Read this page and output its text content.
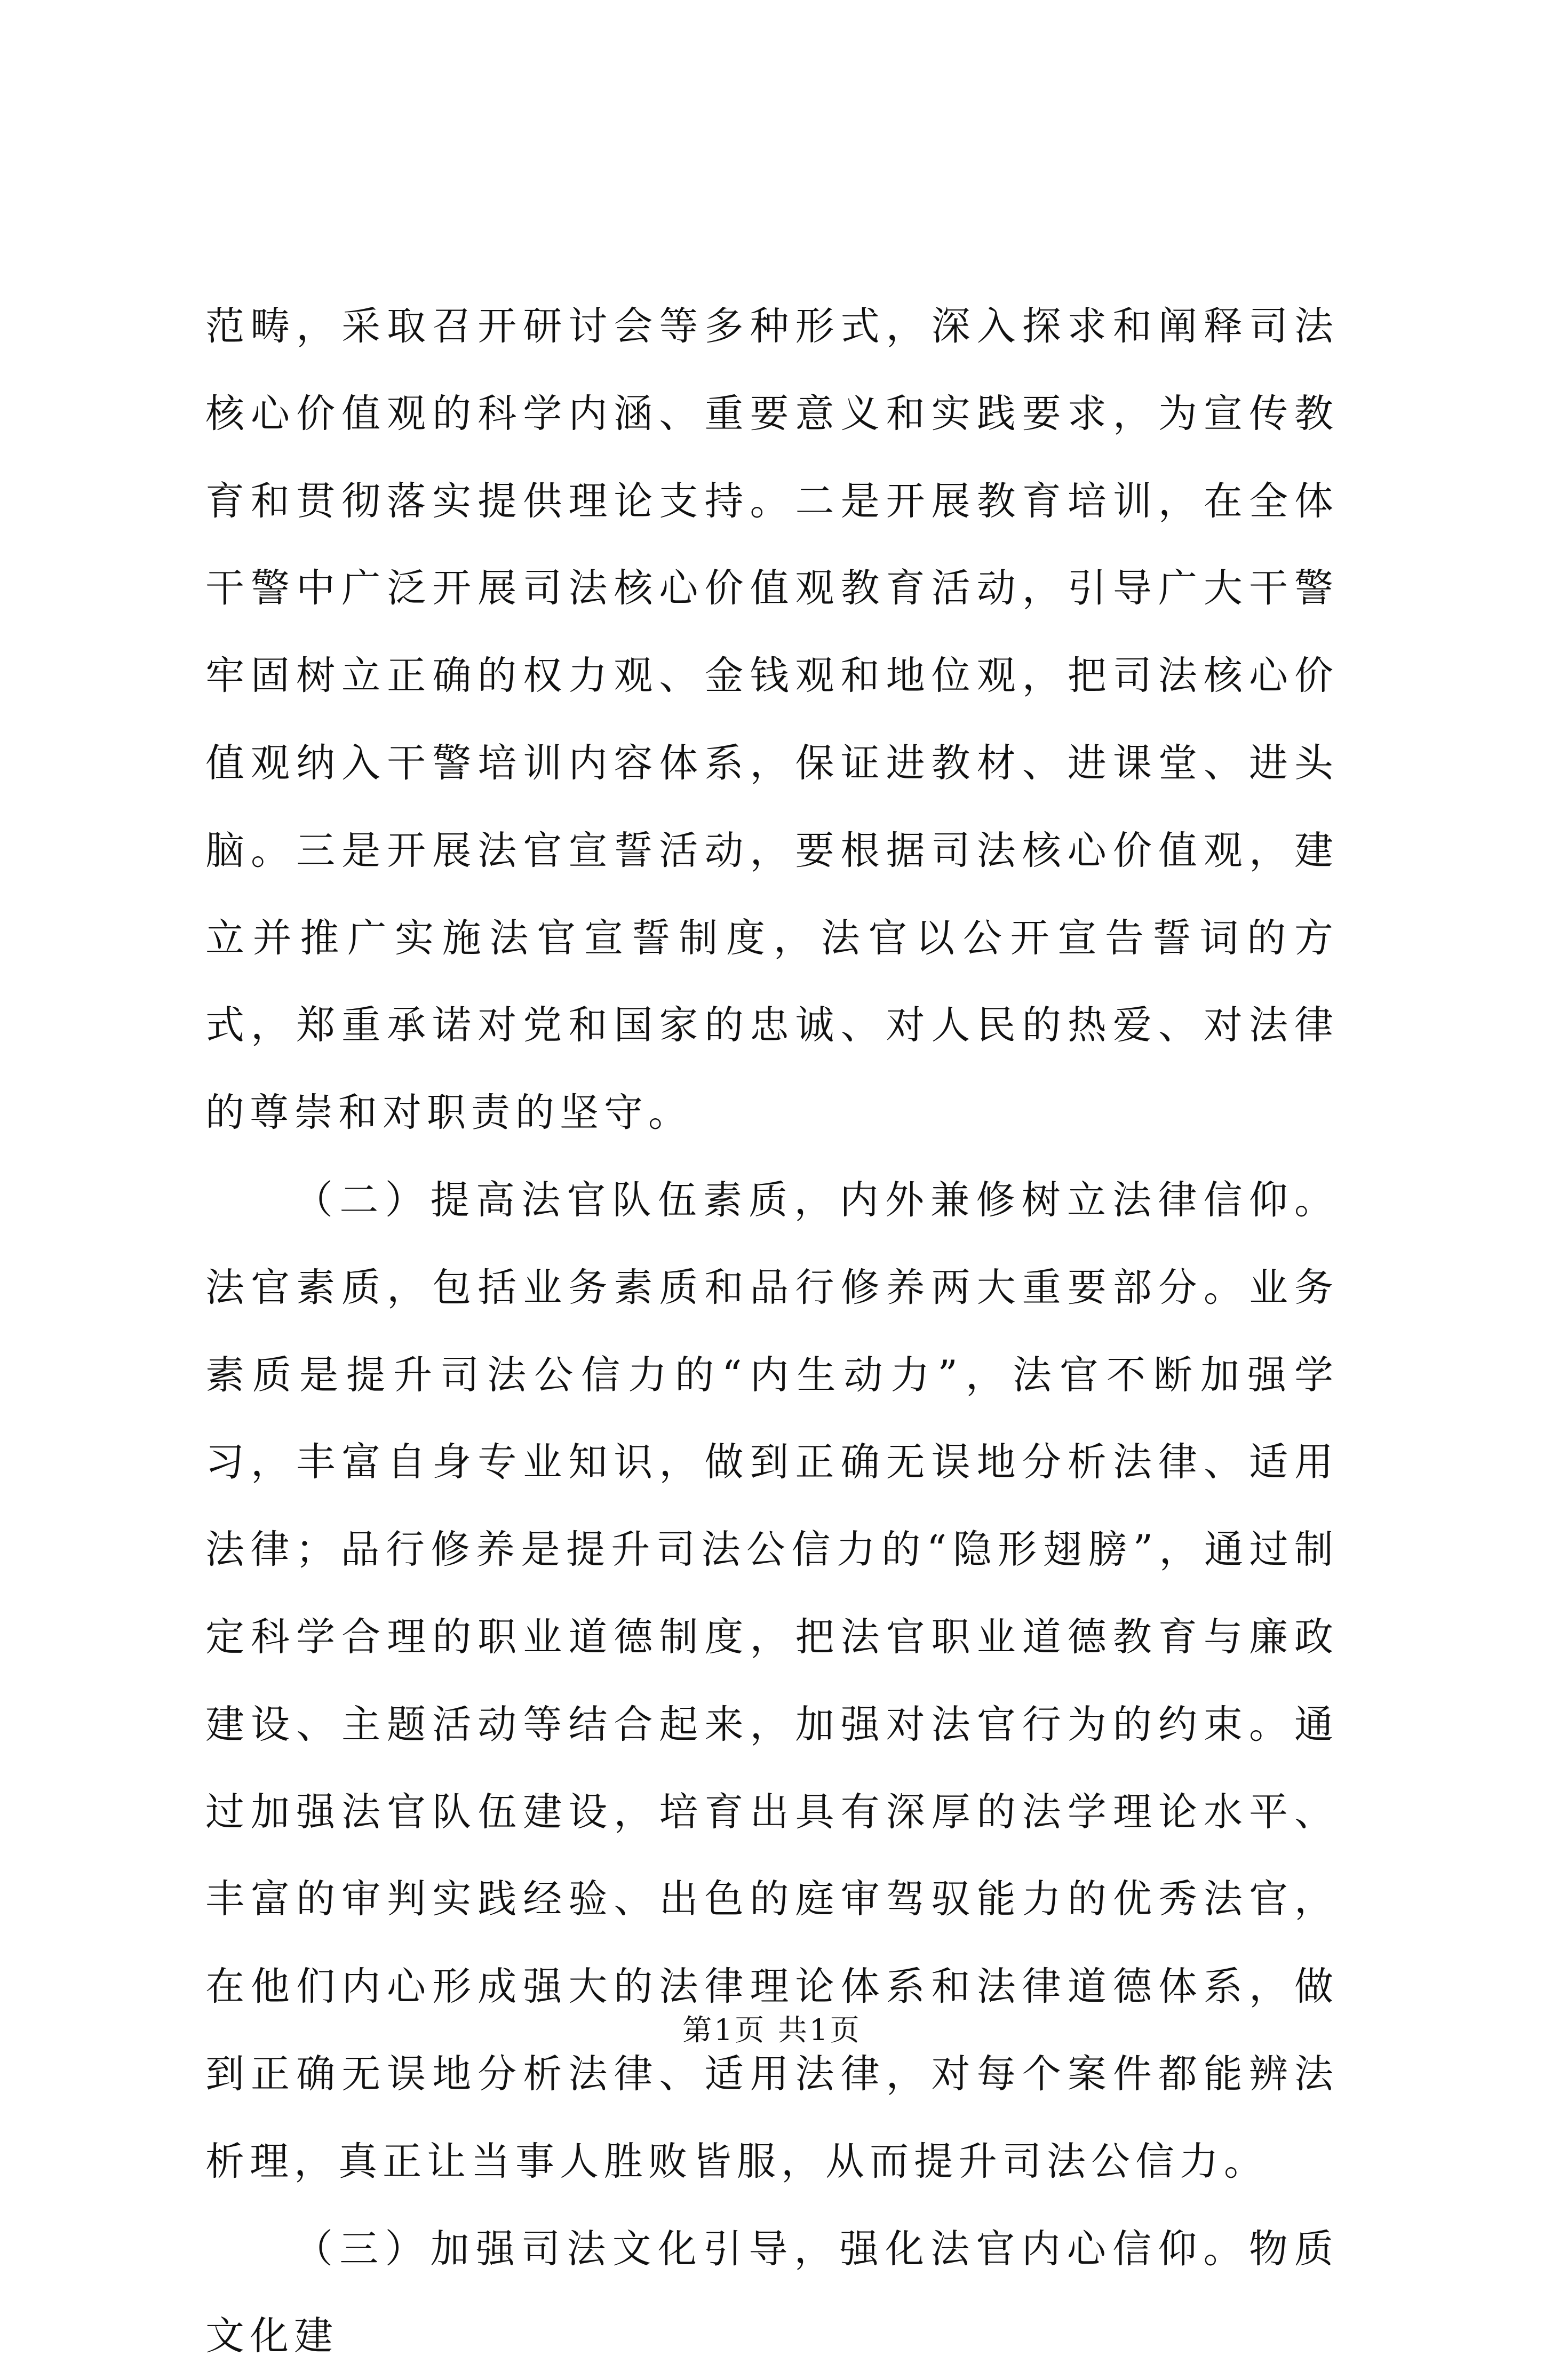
范畴，采取召开研讨会等多种形式，深入探求和阐释司法核心价值观的科学内涵、重要意义和实践要求，为宣传教育和贯彻落实提供理论支持。二是开展教育培训，在全体干警中广泛开展司法核心价值观教育活动，引导广大干警牢固树立正确的权力观、金钱观和地位观，把司法核心价值观纳入干警培训内容体系，保证进教材、进课堂、进头脑。三是开展法官宣誓活动，要根据司法核心价值观，建立并推广实施法官宣誓制度，法官以公开宣告誓词的方式，郑重承诺对党和国家的忠诚、对人民的热爱、对法律的尊崇和对职责的坚守。

（二）提高法官队伍素质，内外兼修树立法律信仰。法官素质，包括业务素质和品行修养两大重要部分。业务素质是提升司法公信力的“内生动力”，法官不断加强学习，丰富自身专业知识，做到正确无误地分析法律、适用法律；品行修养是提升司法公信力的“隐形翅膀”，通过制定科学合理的职业道德制度，把法官职业道德教育与廉政建设、主题活动等结合起来，加强对法官行为的约束。通过加强法官队伍建设，培育出具有深厚的法学理论水平、丰富的审判实践经验、出色的庭审驾驭能力的优秀法官，在他们内心形成强大的法律理论体系和法律道德体系，做到正确无误地分析法律、适用法律，对每个案件都能辨法析理，真正让当事人胜败皆服，从而提升司法公信力。

（三）加强司法文化引导，强化法官内心信仰。物质文化建

第1页 共1页
